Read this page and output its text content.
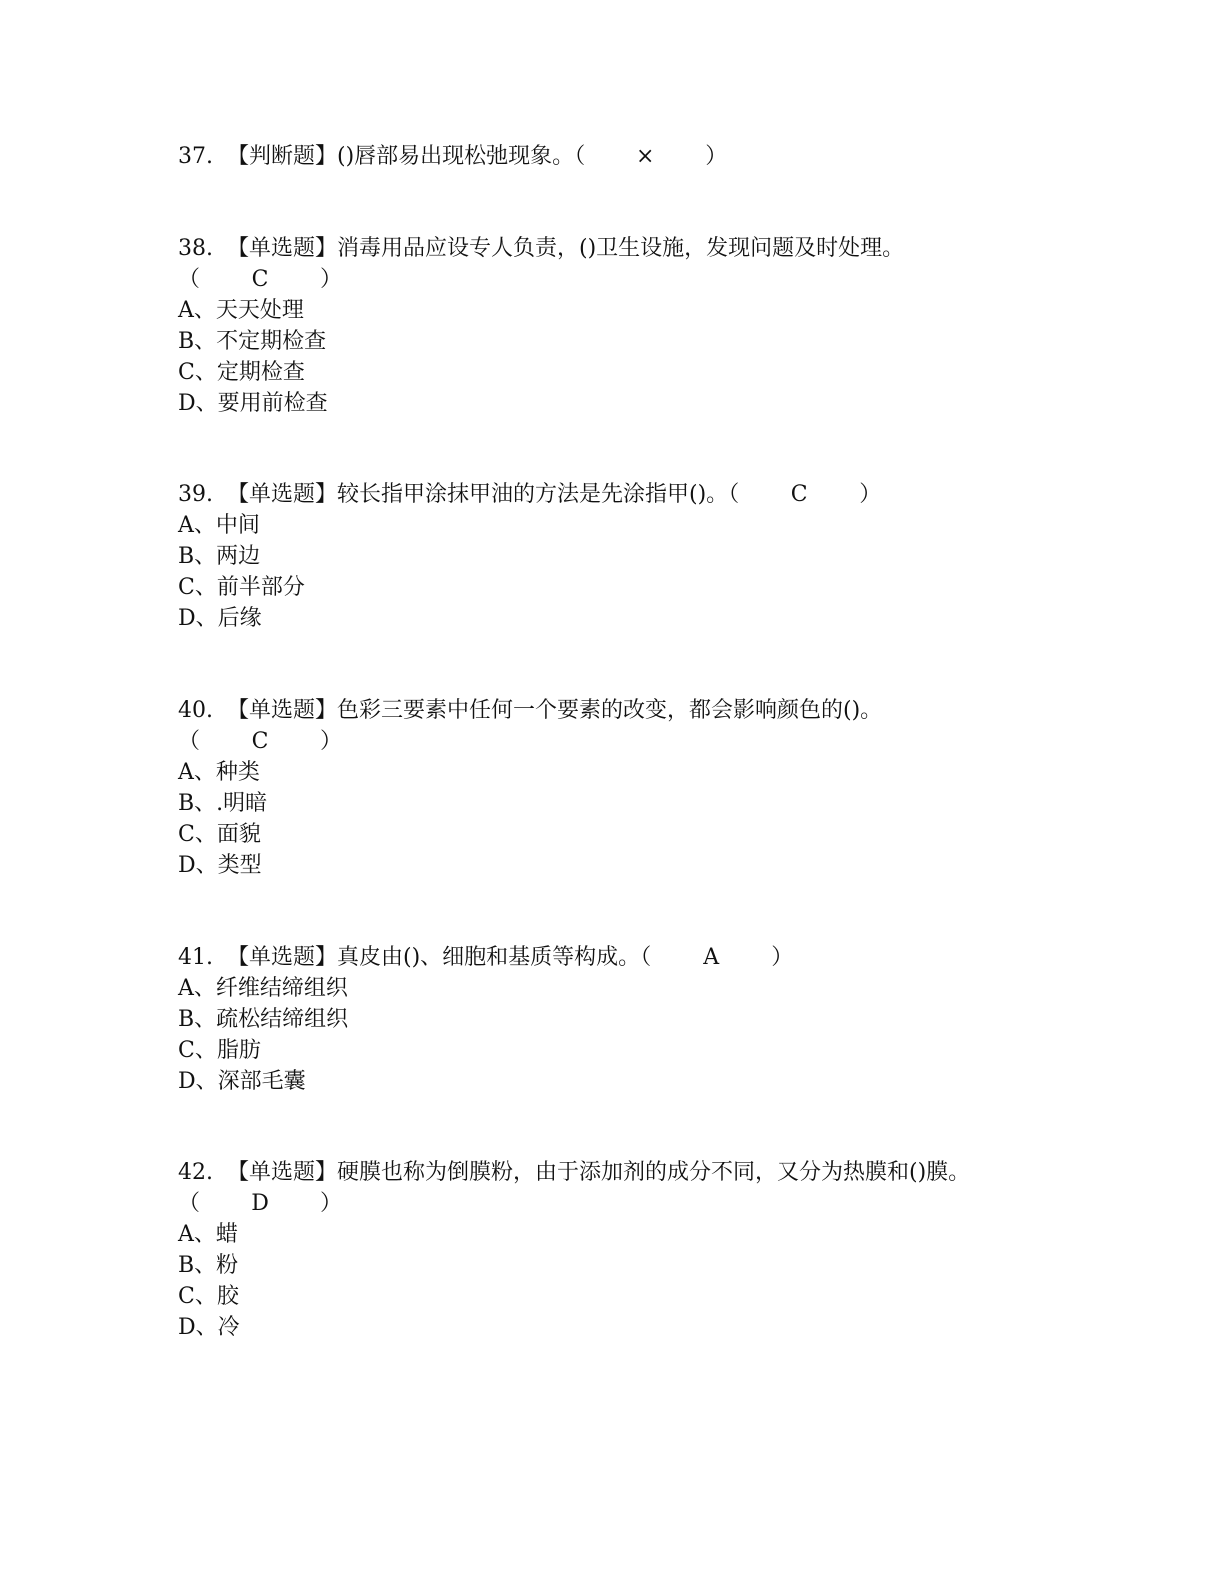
37. 【判断题】()唇部易出现松弛现象。（ × ）
38. 【单选题】消毒用品应设专人负责，()卫生设施，发现问题及时处理。
（ C ）
A、天天处理
B、不定期检查
C、定期检查
D、要用前检查
39. 【单选题】较长指甲涂抹甲油的方法是先涂指甲()。（ C ）
A、中间
B、两边
C、前半部分
D、后缘
40. 【单选题】色彩三要素中任何一个要素的改变，都会影响颜色的()。
（ C ）
A、种类
B、.明暗
C、面貌
D、类型
41. 【单选题】真皮由()、细胞和基质等构成。（ A ）
A、纤维结缔组织
B、疏松结缔组织
C、脂肪
D、深部毛囊
42. 【单选题】硬膜也称为倒膜粉，由于添加剂的成分不同，又分为热膜和()膜。
（ D ）
A、蜡
B、粉
C、胶
D、冷
